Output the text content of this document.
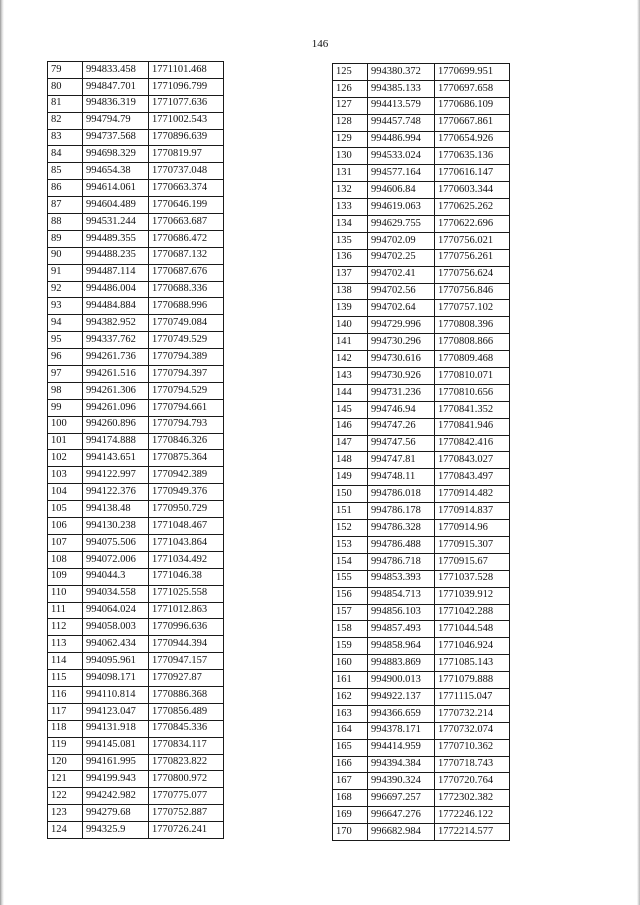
146
79	994833.458	1771101.468
80	994847.701	1771096.799
81	994836.319	1771077.636
82	994794.79	1771002.543
83	994737.568	1770896.639
84	994698.329	1770819.97
85	994654.38	1770737.048
86	994614.061	1770663.374
87	994604.489	1770646.199
88	994531.244	1770663.687
89	994489.355	1770686.472
90	994488.235	1770687.132
91	994487.114	1770687.676
92	994486.004	1770688.336
93	994484.884	1770688.996
94	994382.952	1770749.084
95	994337.762	1770749.529
96	994261.736	1770794.389
97	994261.516	1770794.397
98	994261.306	1770794.529
99	994261.096	1770794.661
100	994260.896	1770794.793
101	994174.888	1770846.326
102	994143.651	1770875.364
103	994122.997	1770942.389
104	994122.376	1770949.376
105	994138.48	1770950.729
106	994130.238	1771048.467
107	994075.506	1771043.864
108	994072.006	1771034.492
109	994044.3	1771046.38
110	994034.558	1771025.558
111	994064.024	1771012.863
112	994058.003	1770996.636
113	994062.434	1770944.394
114	994095.961	1770947.157
115	994098.171	1770927.87
116	994110.814	1770886.368
117	994123.047	1770856.489
118	994131.918	1770845.336
119	994145.081	1770834.117
120	994161.995	1770823.822
121	994199.943	1770800.972
122	994242.982	1770775.077
123	994279.68	1770752.887
124	994325.9	1770726.241
125	994380.372	1770699.951
126	994385.133	1770697.658
127	994413.579	1770686.109
128	994457.748	1770667.861
129	994486.994	1770654.926
130	994533.024	1770635.136
131	994577.164	1770616.147
132	994606.84	1770603.344
133	994619.063	1770625.262
134	994629.755	1770622.696
135	994702.09	1770756.021
136	994702.25	1770756.261
137	994702.41	1770756.624
138	994702.56	1770756.846
139	994702.64	1770757.102
140	994729.996	1770808.396
141	994730.296	1770808.866
142	994730.616	1770809.468
143	994730.926	1770810.071
144	994731.236	1770810.656
145	994746.94	1770841.352
146	994747.26	1770841.946
147	994747.56	1770842.416
148	994747.81	1770843.027
149	994748.11	1770843.497
150	994786.018	1770914.482
151	994786.178	1770914.837
152	994786.328	1770914.96
153	994786.488	1770915.307
154	994786.718	1770915.67
155	994853.393	1771037.528
156	994854.713	1771039.912
157	994856.103	1771042.288
158	994857.493	1771044.548
159	994858.964	1771046.924
160	994883.869	1771085.143
161	994900.013	1771079.888
162	994922.137	1771115.047
163	994366.659	1770732.214
164	994378.171	1770732.074
165	994414.959	1770710.362
166	994394.384	1770718.743
167	994390.324	1770720.764
168	996697.257	1772302.382
169	996647.276	1772246.122
170	996682.984	1772214.577
